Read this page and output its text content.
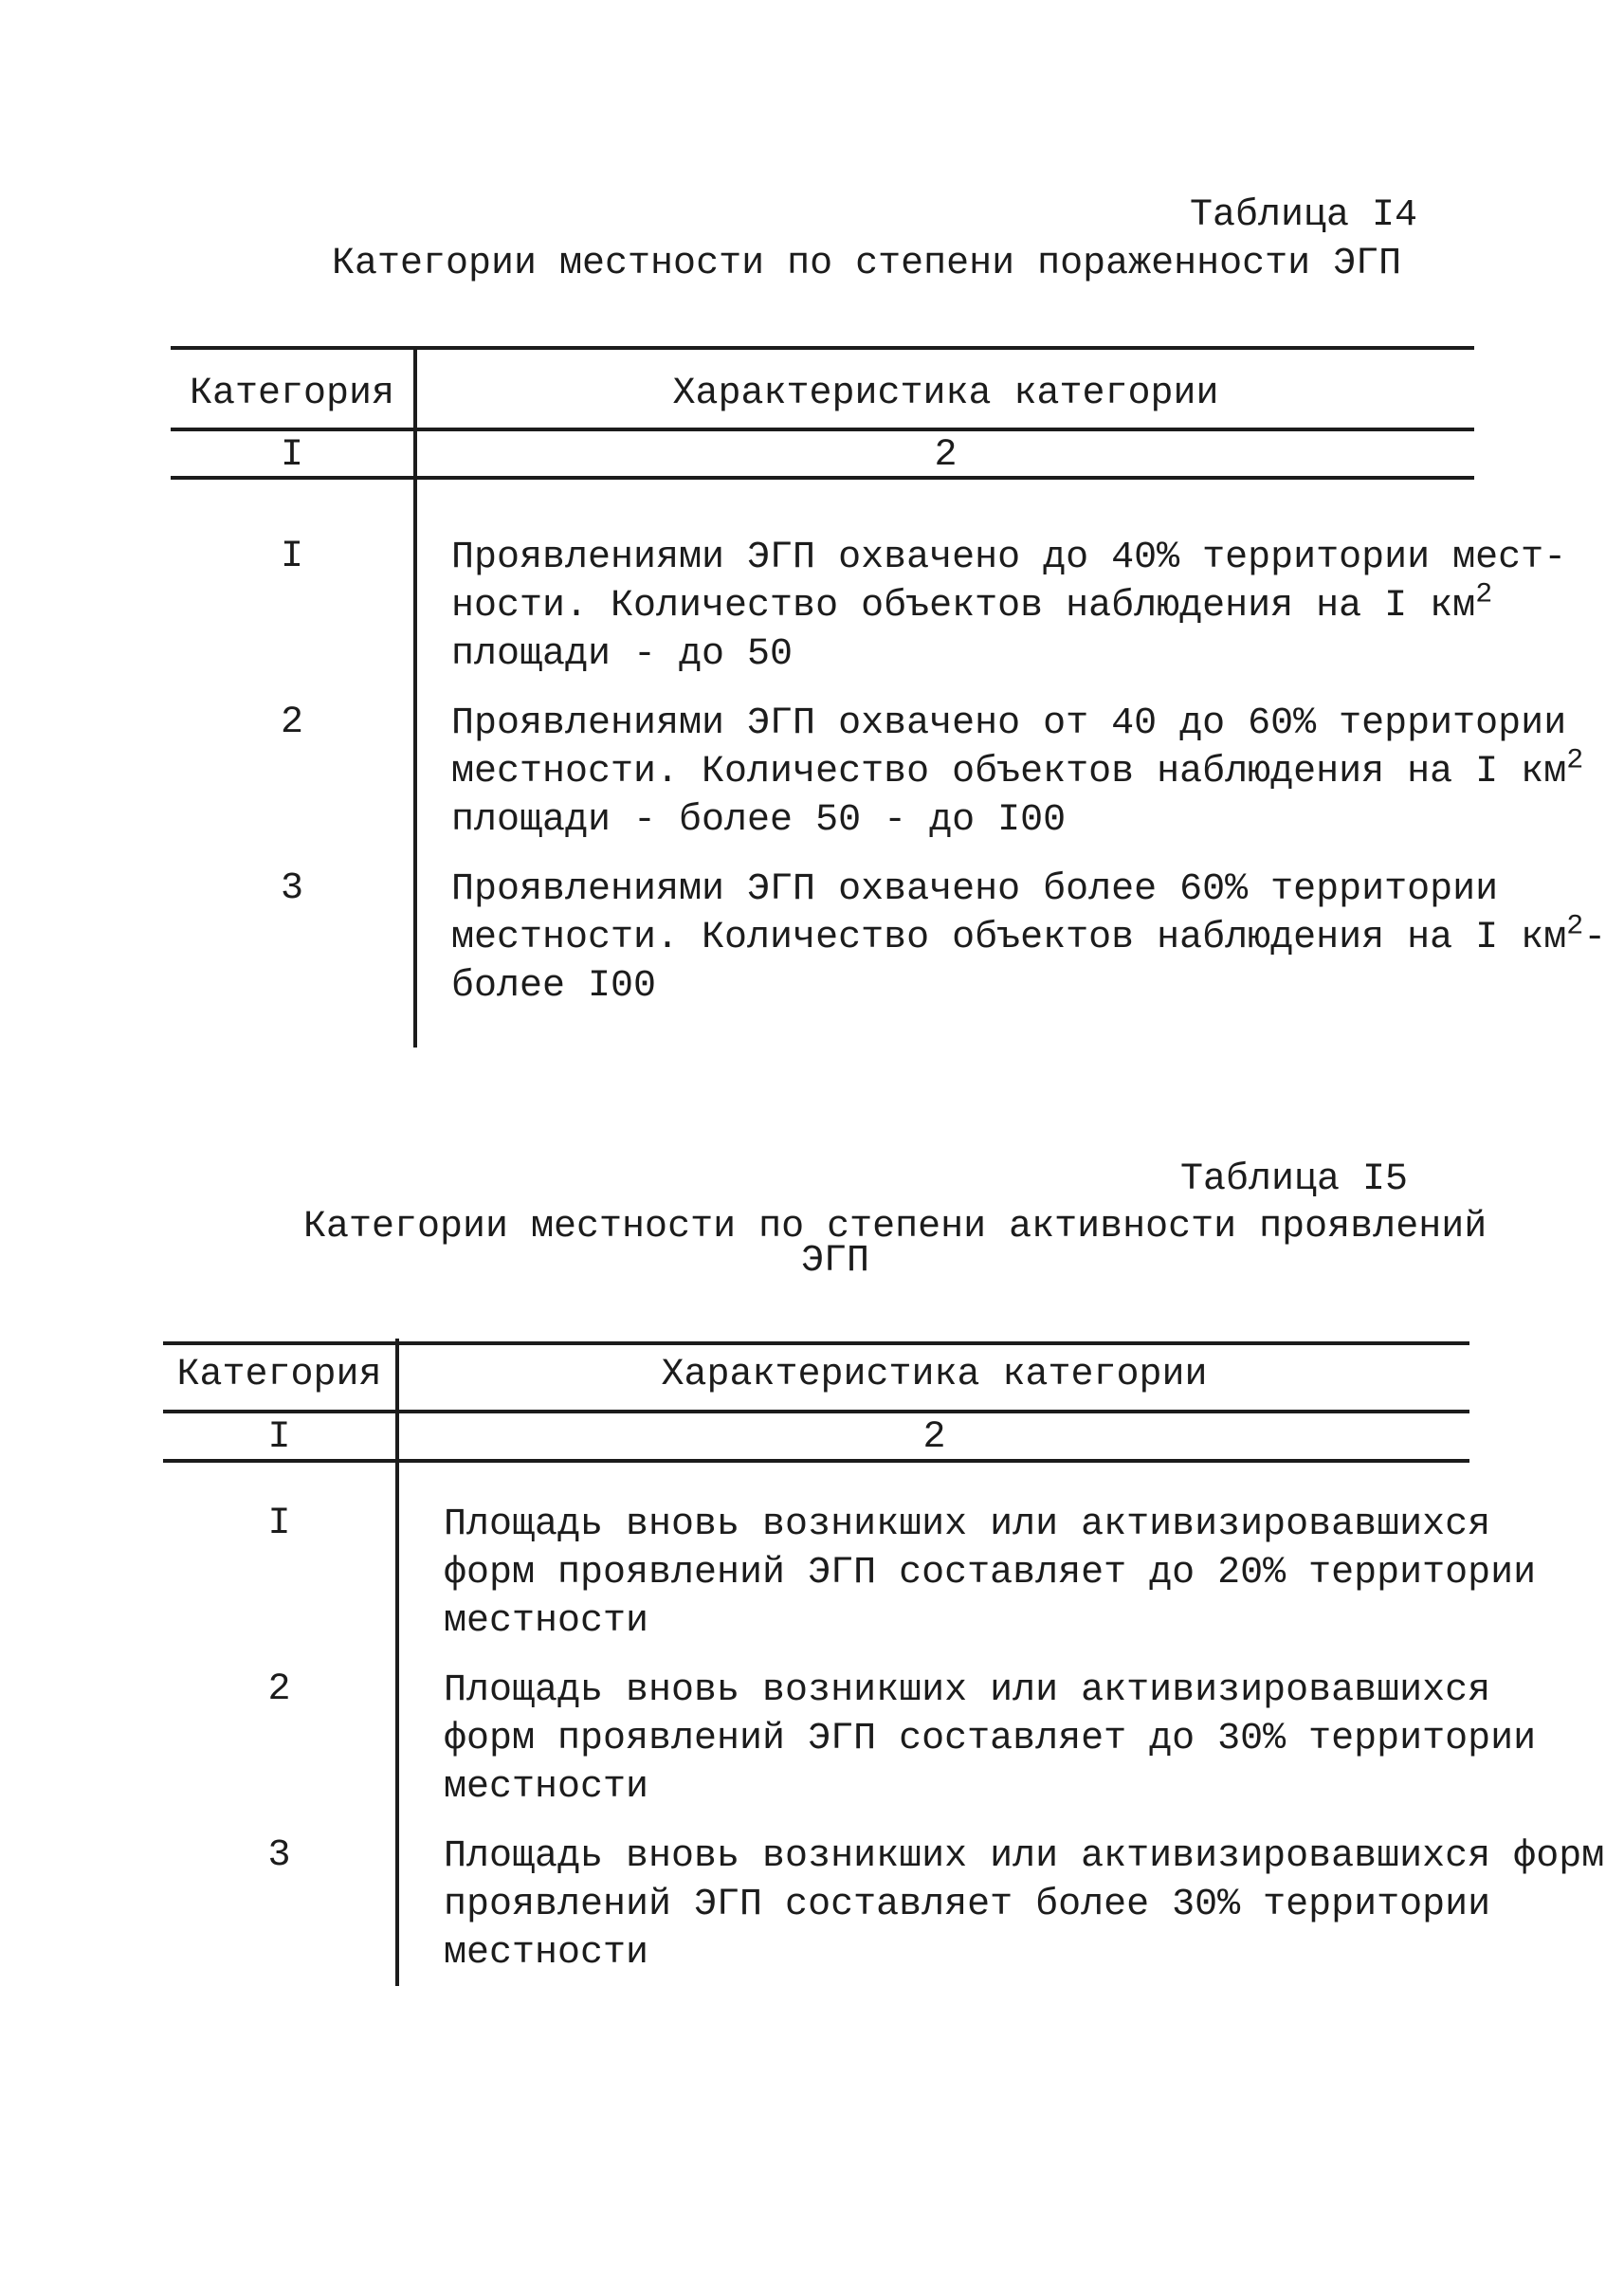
Таблица I4
Категории местности по степени пораженности ЭГП
Категория	Характеристика категории
I	2
I	Проявлениями ЭГП охвачено до 40% территории мест-
ности. Количество объектов наблюдения на I $км^2$
площади - до 50
2	Проявлениями ЭГП охвачено от 40 до 60% территории
местности. Количество объектов наблюдения на I $км^2$
площади - более 50 - до I00
3	Проявлениями ЭГП охвачено более 60% территории
местности. Количество объектов наблюдения на I $км^2-$
более I00
Таблица I5
Категории местности по степени активности проявлений
ЭГП
Категория	Характеристика категории
I	2
I	Площадь вновь возникших или активизировавшихся
форм проявлений ЭГП составляет до 20% территории
местности
2	Площадь вновь возникших или активизировавшихся
форм проявлений ЭГП составляет до 30% территории
местности
3	Площадь вновь возникших или активизировавшихся форм
проявлений ЭГП составляет более 30% территории
местности
